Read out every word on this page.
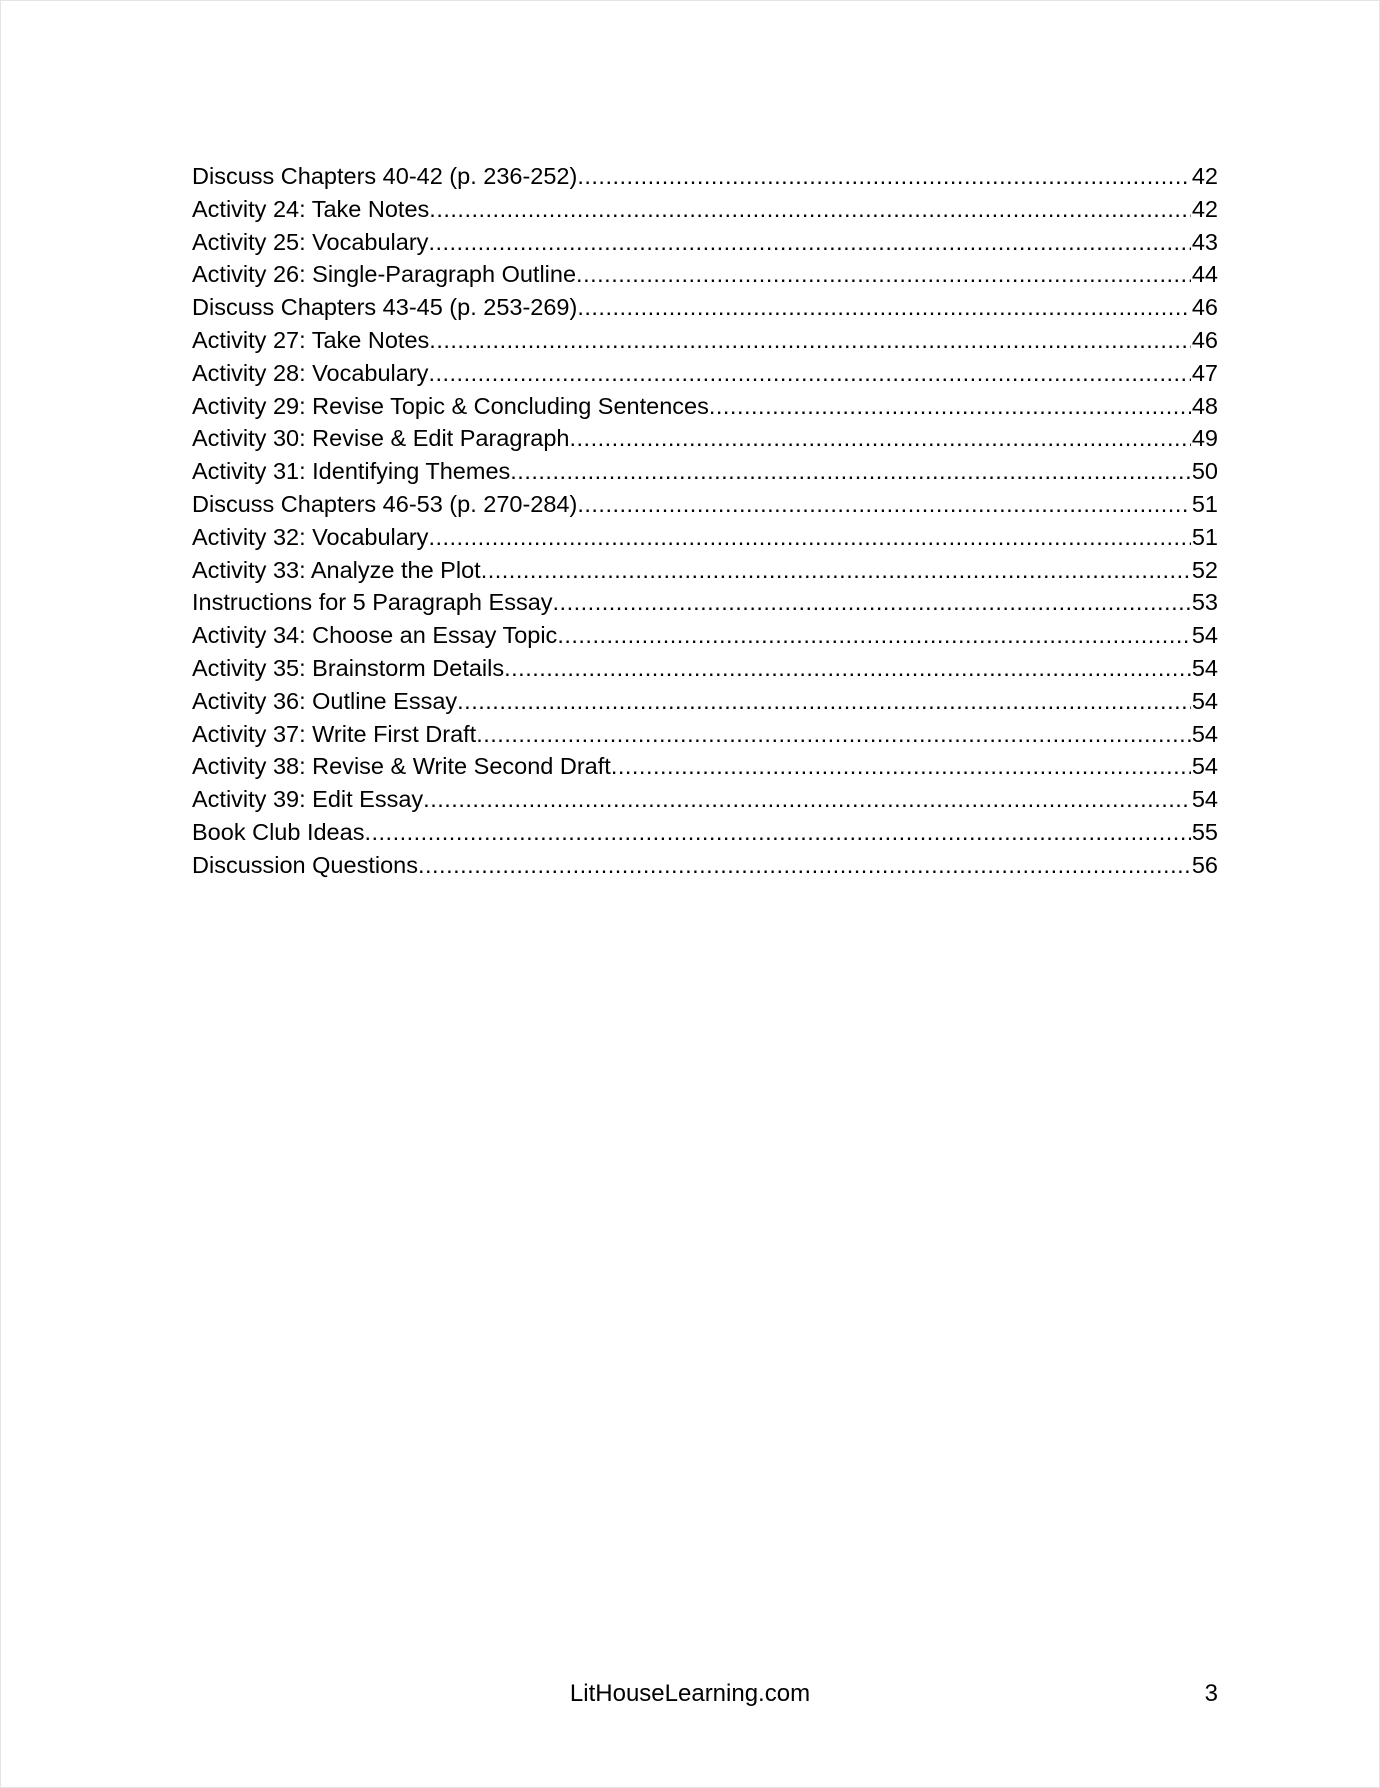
Discuss Chapters 40-42 (p. 236-252) .....	42
Activity 24: Take Notes .....	42
Activity 25: Vocabulary .....	43
Activity 26: Single-Paragraph Outline .....	44
Discuss Chapters 43-45 (p. 253-269) .....	46
Activity 27: Take Notes .....	46
Activity 28: Vocabulary .....	47
Activity 29: Revise Topic & Concluding Sentences .....	48
Activity 30: Revise & Edit Paragraph .....	49
Activity 31: Identifying Themes .....	50
Discuss Chapters 46-53 (p. 270-284) .....	51
Activity 32: Vocabulary .....	51
Activity 33: Analyze the Plot .....	52
Instructions for 5 Paragraph Essay .....	53
Activity 34: Choose an Essay Topic .....	54
Activity 35: Brainstorm Details .....	54
Activity 36: Outline Essay .....	54
Activity 37: Write First Draft .....	54
Activity 38: Revise & Write Second Draft .....	54
Activity 39: Edit Essay .....	54
Book Club Ideas .....	55
Discussion Questions .....	56
LitHouseLearning.com	3
